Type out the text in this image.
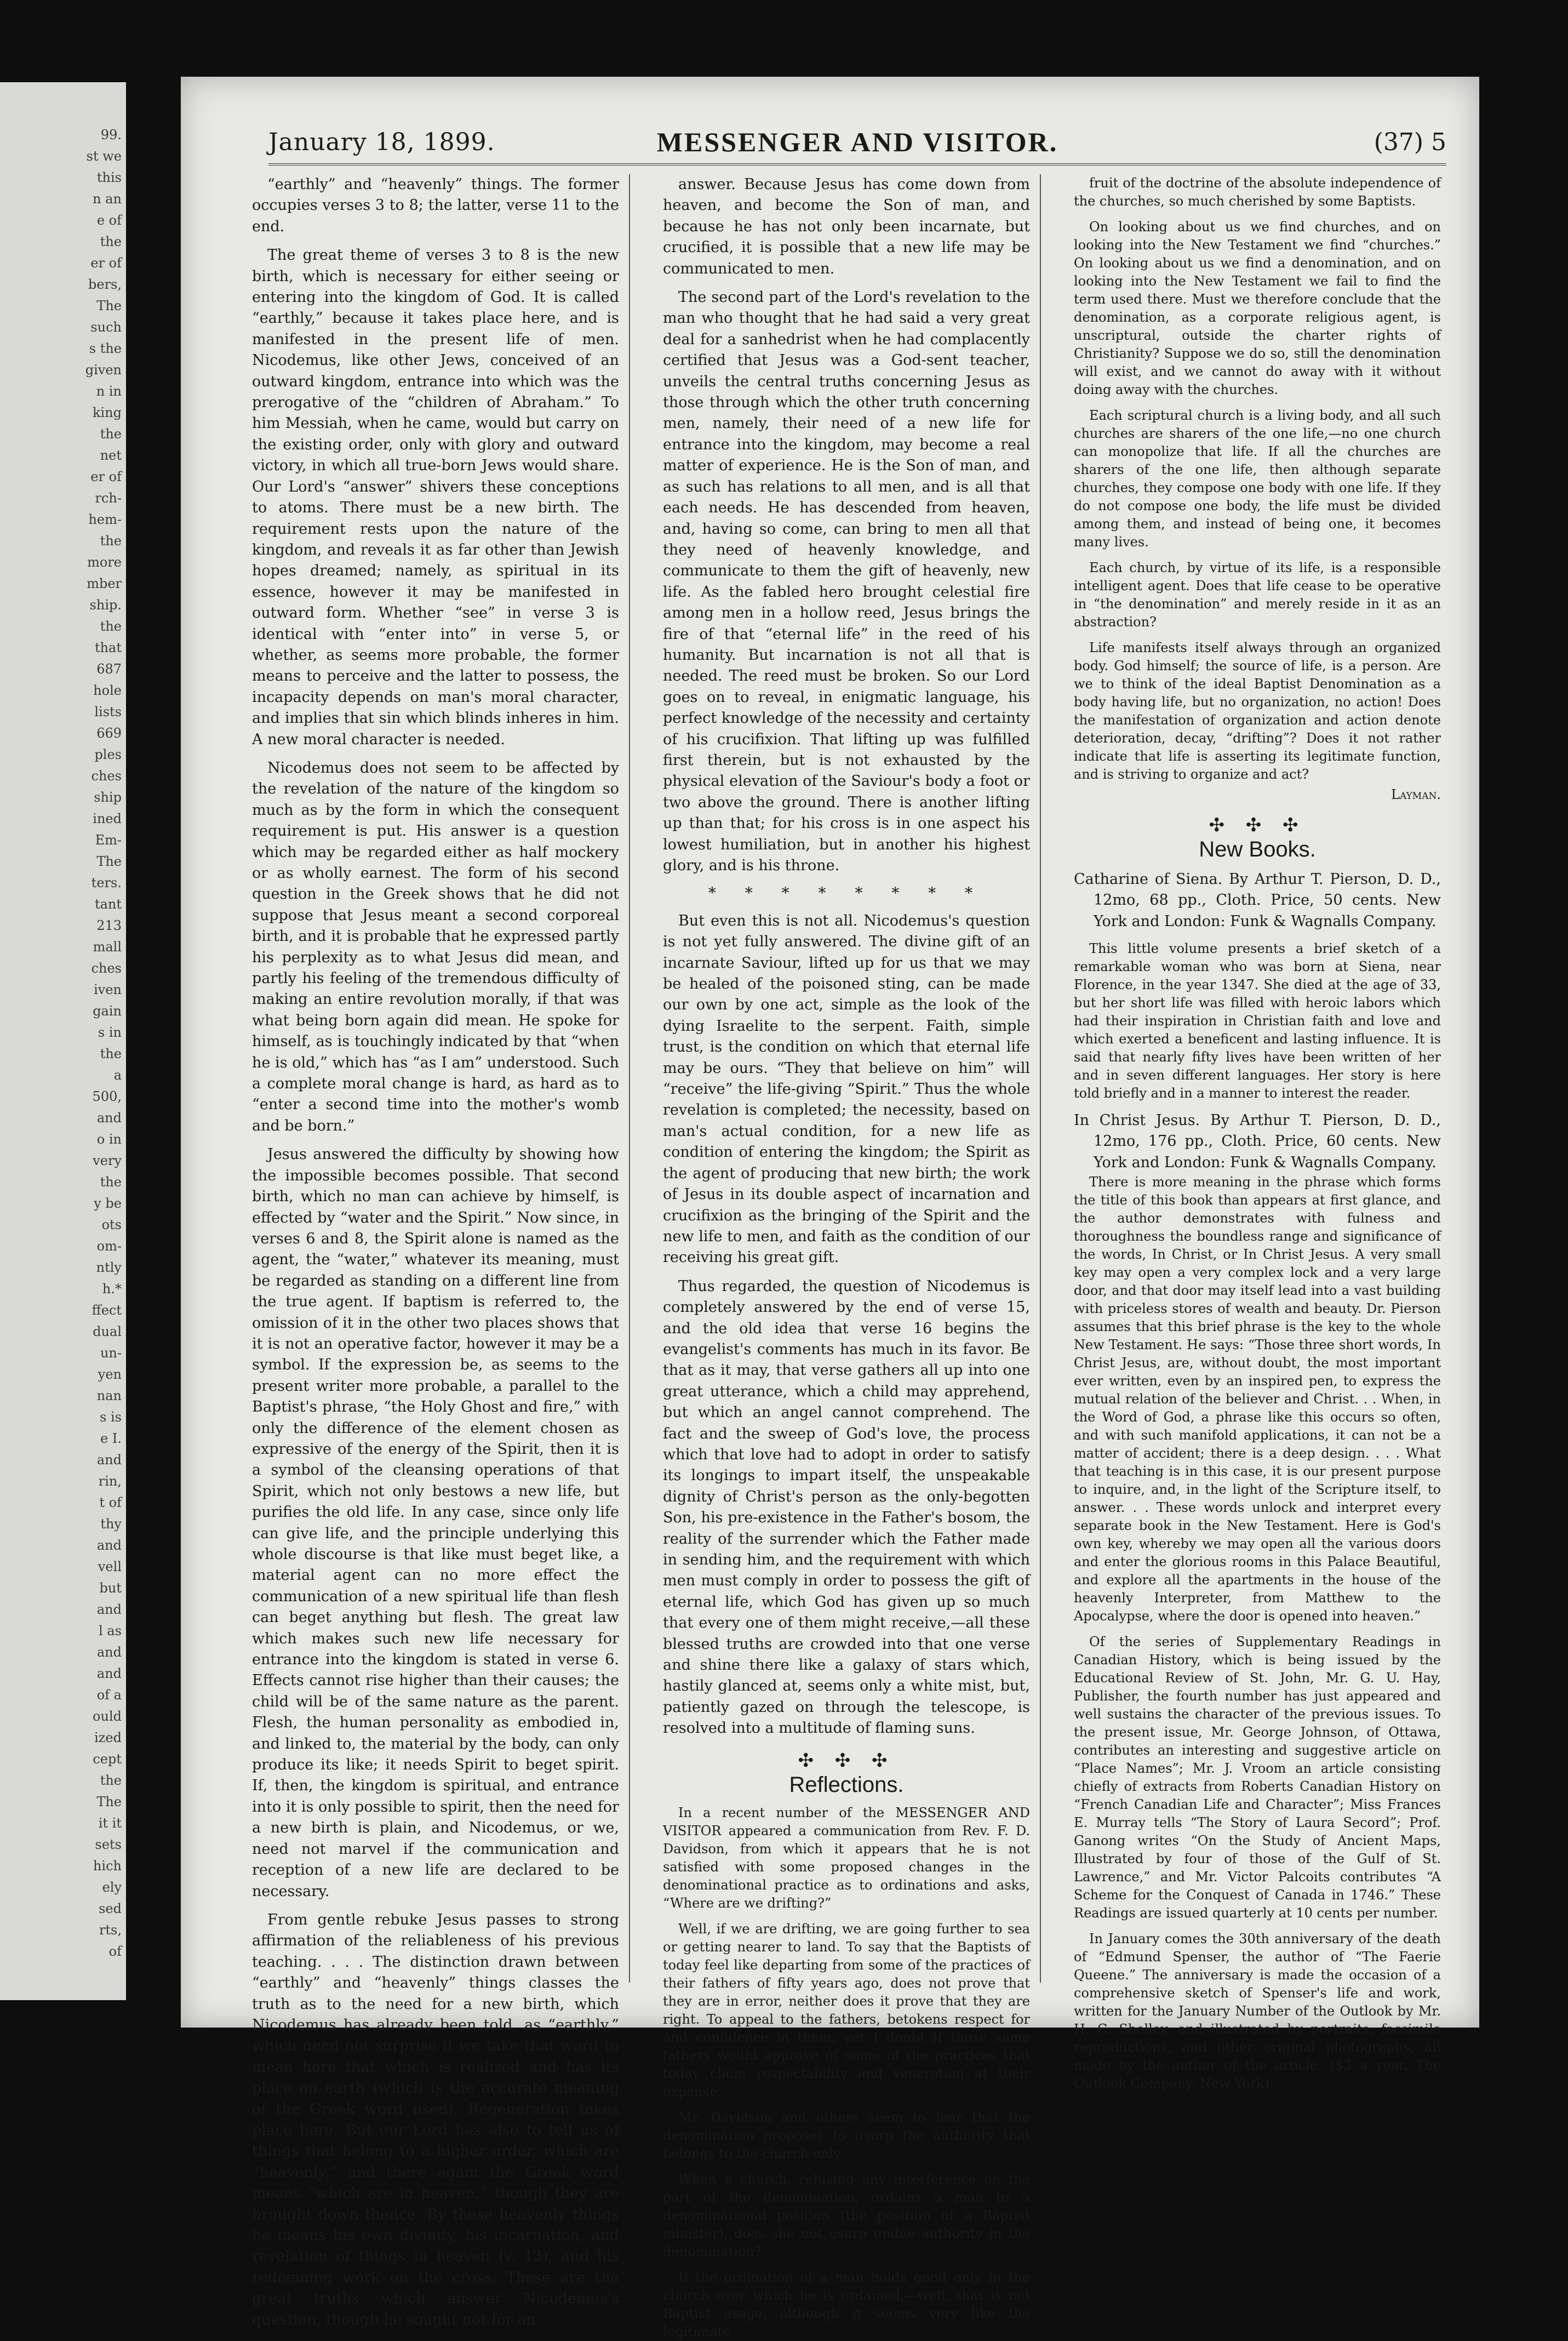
99.
st we
this
n an
e of
the
er of
bers,
The
such
s the
given
n in
king
the
net
er of
rch-
hem-
the
more
mber
ship.
the
that
687
hole
lists
669
ples
ches
ship
ined
Em-
The
ters.
tant
213
mall
ches
iven
gain
s in
the
a
500,
and
o in
very
the
y be
ots
om-
ntly
h.*
ffect
dual
un-
yen
nan
s is
e I.
and
rin,
t of
thy
and
vell
but
and
l as
and
and
of a
ould
ized
cept
the
The
it it
sets
hich
ely
sed
rts,
of
January 18, 1899.	MESSENGER AND VISITOR.	(37) 5

“earthly” and “heavenly” things. The former occupies verses 3 to 8; the latter, verse 11 to the end.

The great theme of verses 3 to 8 is the new birth, which is necessary for either seeing or entering into the kingdom of God. It is called “earthly,” because it takes place here, and is manifested in the present life of men. Nicodemus, like other Jews, conceived of an outward kingdom, entrance into which was the prerogative of the “children of Abraham.” To him Messiah, when he came, would but carry on the existing order, only with glory and outward victory, in which all true-born Jews would share. Our Lord's “answer” shivers these conceptions to atoms. There must be a new birth. The requirement rests upon the nature of the kingdom, and reveals it as far other than Jewish hopes dreamed; namely, as spiritual in its essence, however it may be manifested in outward form. Whether “see” in verse 3 is identical with “enter into” in verse 5, or whether, as seems more probable, the former means to perceive and the latter to possess, the incapacity depends on man's moral character, and implies that sin which blinds inheres in him. A new moral character is needed.

Nicodemus does not seem to be affected by the revelation of the nature of the kingdom so much as by the form in which the consequent requirement is put. His answer is a question which may be regarded either as half mockery or as wholly earnest. The form of his second question in the Greek shows that he did not suppose that Jesus meant a second corporeal birth, and it is probable that he expressed partly his perplexity as to what Jesus did mean, and partly his feeling of the tremendous difficulty of making an entire revolution morally, if that was what being born again did mean. He spoke for himself, as is touchingly indicated by that “when he is old,” which has “as I am” understood. Such a complete moral change is hard, as hard as to “enter a second time into the mother's womb and be born.”

Jesus answered the difficulty by showing how the impossible becomes possible. That second birth, which no man can achieve by himself, is effected by “water and the Spirit.” Now since, in verses 6 and 8, the Spirit alone is named as the agent, the “water,” whatever its meaning, must be regarded as standing on a different line from the true agent. If baptism is referred to, the omission of it in the other two places shows that it is not an operative factor, however it may be a symbol. If the expression be, as seems to the present writer more probable, a parallel to the Baptist's phrase, “the Holy Ghost and fire,” with only the difference of the element chosen as expressive of the energy of the Spirit, then it is a symbol of the cleansing operations of that Spirit, which not only bestows a new life, but purifies the old life. In any case, since only life can give life, and the principle underlying this whole discourse is that like must beget like, a material agent can no more effect the communication of a new spiritual life than flesh can beget anything but flesh. The great law which makes such new life necessary for entrance into the kingdom is stated in verse 6. Effects cannot rise higher than their causes; the child will be of the same nature as the parent. Flesh, the human personality as embodied in, and linked to, the material by the body, can only produce its like; it needs Spirit to beget spirit. If, then, the kingdom is spiritual, and entrance into it is only possible to spirit, then the need for a new birth is plain, and Nicodemus, or we, need not marvel if the communication and reception of a new life are declared to be necessary.

From gentle rebuke Jesus passes to strong affirmation of the reliableness of his previous teaching. . . . The distinction drawn between “earthly” and “heavenly” things classes the truth as to the need for a new birth, which Nicodemus has already been told, as “earthly,” which need not surprise if we take that word to mean here that which is realized and has its place on earth (which is the accurate meaning of the Greek word used). Regeneration takes place here. But our Lord has also to tell us of things that belong to a higher order, which are “heavenly,” and there again the Greek word means “which are in heaven,” though they are brought down thence. By these heavenly things he means his own divinity, his incarnation, and revelation of things in heaven (v. 13), and his redeeming work on the cross. These are the great truths which answer Nicodemus's question, though he sought not for an

answer. Because Jesus has come down from heaven, and become the Son of man, and because he has not only been incarnate, but crucified, it is possible that a new life may be communicated to men.

The second part of the Lord's revelation to the man who thought that he had said a very great deal for a sanhedrist when he had complacently certified that Jesus was a God-sent teacher, unveils the central truths concerning Jesus as those through which the other truth concerning men, namely, their need of a new life for entrance into the kingdom, may become a real matter of experience. He is the Son of man, and as such has relations to all men, and is all that each needs. He has descended from heaven, and, having so come, can bring to men all that they need of heavenly knowledge, and communicate to them the gift of heavenly, new life. As the fabled hero brought celestial fire among men in a hollow reed, Jesus brings the fire of that “eternal life” in the reed of his humanity. But incarnation is not all that is needed. The reed must be broken. So our Lord goes on to reveal, in enigmatic language, his perfect knowledge of the necessity and certainty of his crucifixion. That lifting up was fulfilled first therein, but is not exhausted by the physical elevation of the Saviour's body a foot or two above the ground. There is another lifting up than that; for his cross is in one aspect his lowest humiliation, but in another his highest glory, and is his throne.

* * * * * * * *

But even this is not all. Nicodemus's question is not yet fully answered. The divine gift of an incarnate Saviour, lifted up for us that we may be healed of the poisoned sting, can be made our own by one act, simple as the look of the dying Israelite to the serpent. Faith, simple trust, is the condition on which that eternal life may be ours. “They that believe on him” will “receive” the life-giving “Spirit.” Thus the whole revelation is completed; the necessity, based on man's actual condition, for a new life as condition of entering the kingdom; the Spirit as the agent of producing that new birth; the work of Jesus in its double aspect of incarnation and crucifixion as the bringing of the Spirit and the new life to men, and faith as the condition of our receiving his great gift.

Thus regarded, the question of Nicodemus is completely answered by the end of verse 15, and the old idea that verse 16 begins the evangelist's comments has much in its favor. Be that as it may, that verse gathers all up into one great utterance, which a child may apprehend, but which an angel cannot comprehend. The fact and the sweep of God's love, the process which that love had to adopt in order to satisfy its longings to impart itself, the unspeakable dignity of Christ's person as the only-begotten Son, his pre-existence in the Father's bosom, the reality of the surrender which the Father made in sending him, and the requirement with which men must comply in order to possess the gift of eternal life, which God has given up so much that every one of them might receive,—all these blessed truths are crowded into that one verse and shine there like a galaxy of stars which, hastily glanced at, seems only a white mist, but, patiently gazed on through the telescope, is resolved into a multitude of flaming suns.

✣ ✣ ✣
Reflections.

In a recent number of the MESSENGER AND VISITOR appeared a communication from Rev. F. D. Davidson, from which it appears that he is not satisfied with some proposed changes in the denominational practice as to ordinations and asks, “Where are we drifting?”

Well, if we are drifting, we are going further to sea or getting nearer to land. To say that the Baptists of today feel like departing from some of the practices of their fathers of fifty years ago, does not prove that they are in error, neither does it prove that they are right. To appeal to the fathers, betokens respect for and confidence in them; yet I doubt if those same fathers would approve of some of the practices that today claim respectability and veneration at their expense.

Mr. Davidson and others seem to fear that the denomination proposes to usurp the authority that belongs to the church only.

When a church, refusing any interference on the part of the denomination, ordains a man to a denominational position (the position of a Baptist minister), does she not usurp undue authority in the denomination?

If the ordination of a man holds good only in the church over which he is ordained,—well, that is not Baptist usage, although it seems very like the legitimate

fruit of the doctrine of the absolute independence of the churches, so much cherished by some Baptists.

On looking about us we find churches, and on looking into the New Testament we find “churches.” On looking about us we find a denomination, and on looking into the New Testament we fail to find the term used there. Must we therefore conclude that the denomination, as a corporate religious agent, is unscriptural, outside the charter rights of Christianity? Suppose we do so, still the denomination will exist, and we cannot do away with it without doing away with the churches.

Each scriptural church is a living body, and all such churches are sharers of the one life,—no one church can monopolize that life. If all the churches are sharers of the one life, then although separate churches, they compose one body with one life. If they do not compose one body, the life must be divided among them, and instead of being one, it becomes many lives.

Each church, by virtue of its life, is a responsible intelligent agent. Does that life cease to be operative in “the denomination” and merely reside in it as an abstraction?

Life manifests itself always through an organized body. God himself; the source of life, is a person. Are we to think of the ideal Baptist Denomination as a body having life, but no organization, no action! Does the manifestation of organization and action denote deterioration, decay, “drifting”? Does it not rather indicate that life is asserting its legitimate function, and is striving to organize and act?

Layman.
✣ ✣ ✣
New Books.

Catharine of Siena. By Arthur T. Pierson, D. D., 12mo, 68 pp., Cloth. Price, 50 cents. New York and London: Funk & Wagnalls Company.

This little volume presents a brief sketch of a remarkable woman who was born at Siena, near Florence, in the year 1347. She died at the age of 33, but her short life was filled with heroic labors which had their inspiration in Christian faith and love and which exerted a beneficent and lasting influence. It is said that nearly fifty lives have been written of her and in seven different languages. Her story is here told briefly and in a manner to interest the reader.

In Christ Jesus. By Arthur T. Pierson, D. D., 12mo, 176 pp., Cloth. Price, 60 cents. New York and London: Funk & Wagnalls Company.

There is more meaning in the phrase which forms the title of this book than appears at first glance, and the author demonstrates with fulness and thoroughness the boundless range and significance of the words, In Christ, or In Christ Jesus. A very small key may open a very complex lock and a very large door, and that door may itself lead into a vast building with priceless stores of wealth and beauty. Dr. Pierson assumes that this brief phrase is the key to the whole New Testament. He says: “Those three short words, In Christ Jesus, are, without doubt, the most important ever written, even by an inspired pen, to express the mutual relation of the believer and Christ. . . When, in the Word of God, a phrase like this occurs so often, and with such manifold applications, it can not be a matter of accident; there is a deep design. . . . What that teaching is in this case, it is our present purpose to inquire, and, in the light of the Scripture itself, to answer. . . These words unlock and interpret every separate book in the New Testament. Here is God's own key, whereby we may open all the various doors and enter the glorious rooms in this Palace Beautiful, and explore all the apartments in the house of the heavenly Interpreter, from Matthew to the Apocalypse, where the door is opened into heaven.”

Of the series of Supplementary Readings in Canadian History, which is being issued by the Educational Review of St. John, Mr. G. U. Hay, Publisher, the fourth number has just appeared and well sustains the character of the previous issues. To the present issue, Mr. George Johnson, of Ottawa, contributes an interesting and suggestive article on “Place Names”; Mr. J. Vroom an article consisting chiefly of extracts from Roberts Canadian History on “French Canadian Life and Character”; Miss Frances E. Murray tells “The Story of Laura Secord”; Prof. Ganong writes “On the Study of Ancient Maps, Illustrated by four of those of the Gulf of St. Lawrence,” and Mr. Victor Palcoits contributes “A Scheme for the Conquest of Canada in 1746.” These Readings are issued quarterly at 10 cents per number.

In January comes the 30th anniversary of the death of “Edmund Spenser, the author of “The Faerie Queene.” The anniversary is made the occasion of a comprehensive sketch of Spenser's life and work, written for the January Number of the Outlook by Mr. H. C. Shelley, and illustrated by portraits, facsimile reproductions, and other original photographs, all made by the author of the article. ($3 a year. The Outlook Company, New York).
